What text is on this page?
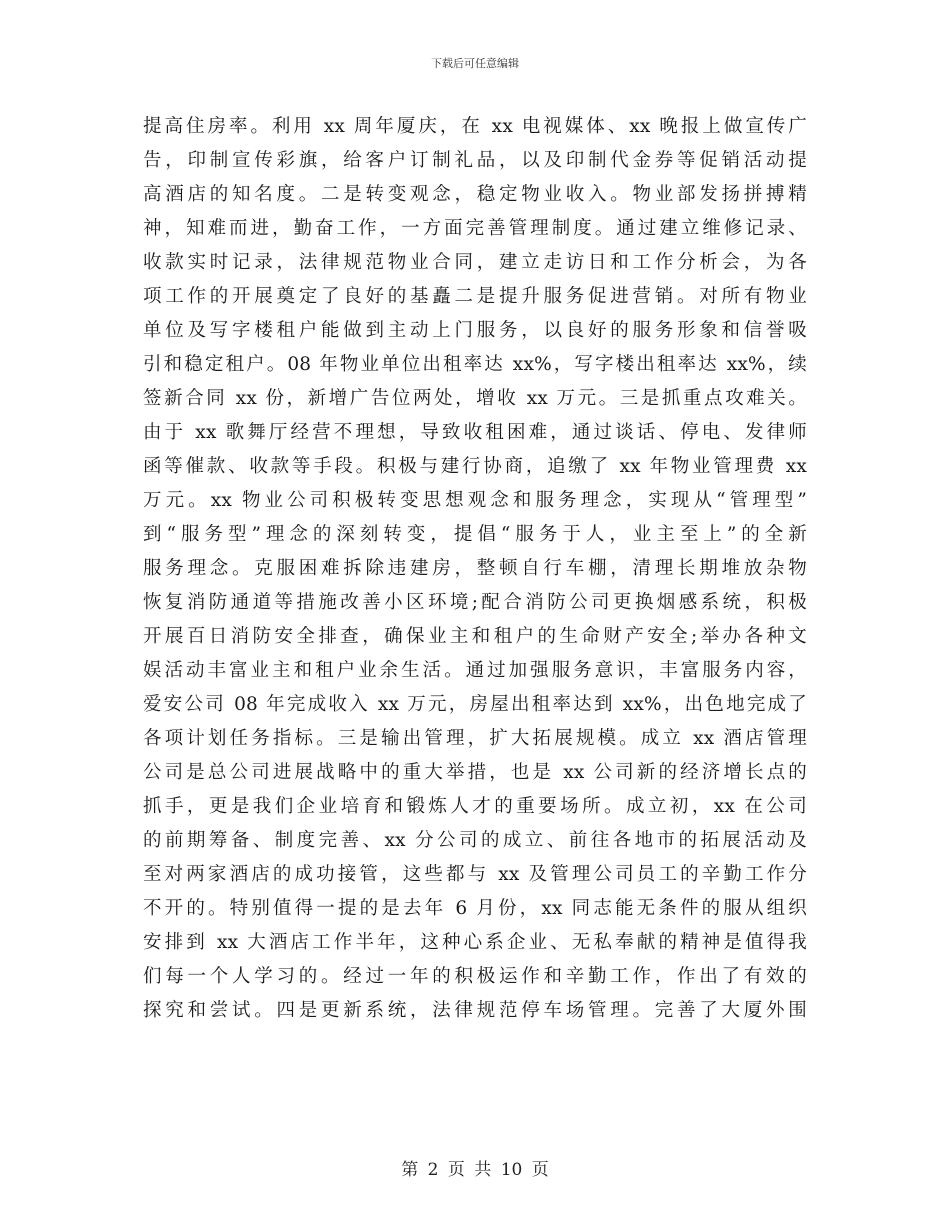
下载后可任意编辑
提高住房率。利用 xx 周年厦庆，在 xx 电视媒体、xx 晚报上做宣传广
告，印制宣传彩旗，给客户订制礼品，以及印制代金券等促销活动提
高酒店的知名度。二是转变观念，稳定物业收入。物业部发扬拼搏精
神，知难而进，勤奋工作，一方面完善管理制度。通过建立维修记录、
收款实时记录，法律规范物业合同，建立走访日和工作分析会，为各
项工作的开展奠定了良好的基矗二是提升服务促进营销。对所有物业
单位及写字楼租户能做到主动上门服务，以良好的服务形象和信誉吸
引和稳定租户。08 年物业单位出租率达 xx%，写字楼出租率达 xx%，续
签新合同 xx 份，新增广告位两处，增收 xx 万元。三是抓重点攻难关。
由于 xx 歌舞厅经营不理想，导致收租困难，通过谈话、停电、发律师
函等催款、收款等手段。积极与建行协商，追缴了 xx 年物业管理费 xx
万元。xx 物业公司积极转变思想观念和服务理念，实现从“管理型”
到“服务型”理念的深刻转变，提倡“服务于人，业主至上”的全新
服务理念。克服困难拆除违建房，整顿自行车棚，清理长期堆放杂物
恢复消防通道等措施改善小区环境;配合消防公司更换烟感系统，积极
开展百日消防安全排查，确保业主和租户的生命财产安全;举办各种文
娱活动丰富业主和租户业余生活。通过加强服务意识，丰富服务内容，
爱安公司 08 年完成收入 xx 万元，房屋出租率达到 xx%，出色地完成了
各项计划任务指标。三是输出管理，扩大拓展规模。成立 xx 酒店管理
公司是总公司进展战略中的重大举措，也是 xx 公司新的经济增长点的
抓手，更是我们企业培育和锻炼人才的重要场所。成立初，xx 在公司
的前期筹备、制度完善、xx 分公司的成立、前往各地市的拓展活动及
至对两家酒店的成功接管，这些都与 xx 及管理公司员工的辛勤工作分
不开的。特别值得一提的是去年 6 月份，xx 同志能无条件的服从组织
安排到 xx 大酒店工作半年，这种心系企业、无私奉献的精神是值得我
们每一个人学习的。经过一年的积极运作和辛勤工作，作出了有效的
探究和尝试。四是更新系统，法律规范停车场管理。完善了大厦外围
第 2 页 共 10 页
